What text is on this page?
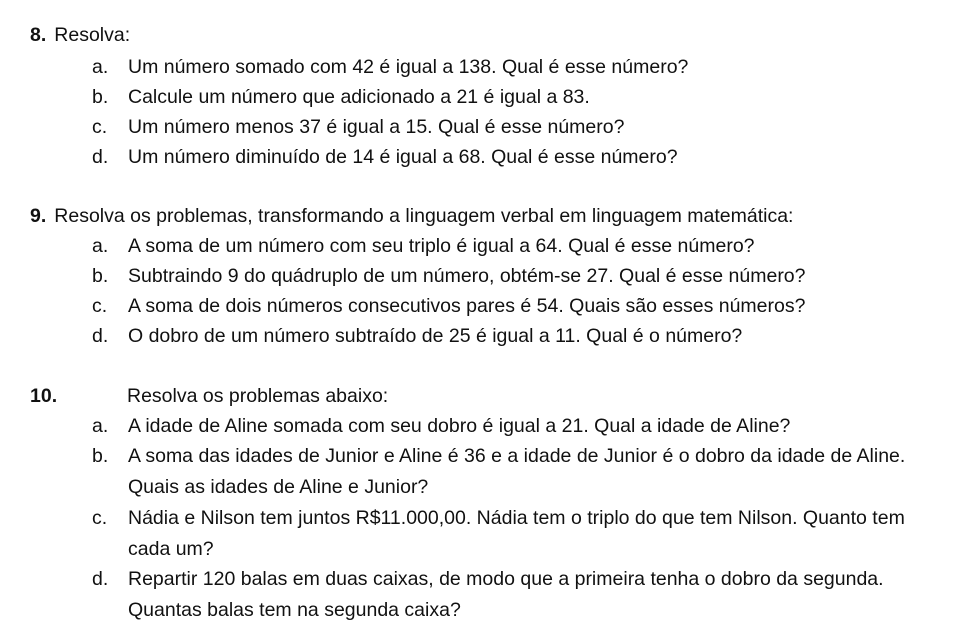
8. Resolva:
a.	Um número somado com 42 é igual a 138. Qual é esse número?
b.	Calcule um número que adicionado a 21 é igual a 83.
c.	Um número menos 37 é igual a 15. Qual é esse número?
d.	Um número diminuído de 14 é igual a 68. Qual é esse número?
9. Resolva os problemas, transformando a linguagem verbal em linguagem matemática:
a.	A soma de um número com seu triplo é igual a 64. Qual é esse número?
b.	Subtraindo 9 do quádruplo de um número, obtém-se 27. Qual é esse número?
c.	A soma de dois números consecutivos pares é 54. Quais são esses números?
d.	O dobro de um número subtraído de 25 é igual a 11. Qual é o número?
10.	Resolva os problemas abaixo:
a.	A idade de Aline somada com seu dobro é igual a 21. Qual a idade de Aline?
b.	A soma das idades de Junior e Aline é 36 e a idade de Junior é o dobro da idade de Aline. Quais as idades de Aline e Junior?
c.	Nádia e Nilson tem juntos R$11.000,00. Nádia tem o triplo do que tem Nilson. Quanto tem cada um?
d.	Repartir 120 balas em duas caixas, de modo que a primeira tenha o dobro da segunda. Quantas balas tem na segunda caixa?
